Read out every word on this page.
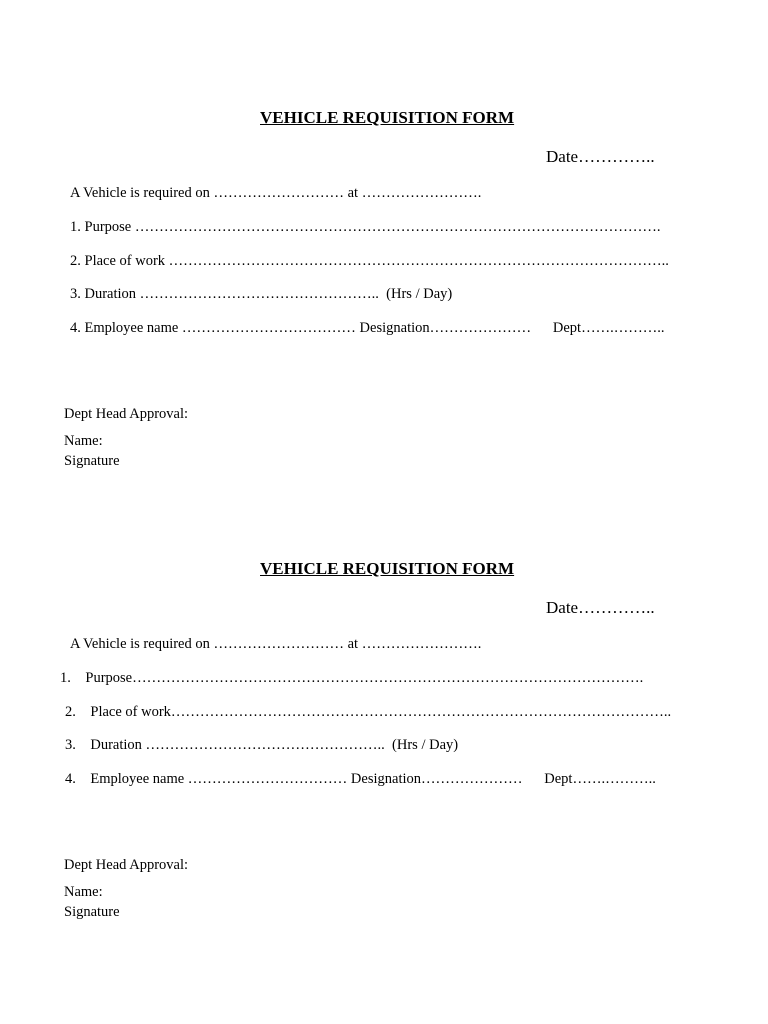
VEHICLE REQUISITION FORM
Date…………..
A Vehicle is required on ……………………… at …………………….
1. Purpose ……………………………………………………………………………………………….
2. Place of work …………………………………………………………………………………………..
3. Duration …………………………………………..  (Hrs / Day)
4. Employee name ……………………………… Designation…………………      Dept…….………..
Dept Head Approval:
Name:
Signature
VEHICLE REQUISITION FORM
Date…………..
A Vehicle is required on ……………………… at …………………….
1.    Purpose…………………………………………………………………………………………….
2.    Place of work…………………………………………………………………………………………..
3.    Duration …………………………………………..  (Hrs / Day)
4.    Employee name …………………………… Designation…………………      Dept…….………..
Dept Head Approval:
Name:
Signature
